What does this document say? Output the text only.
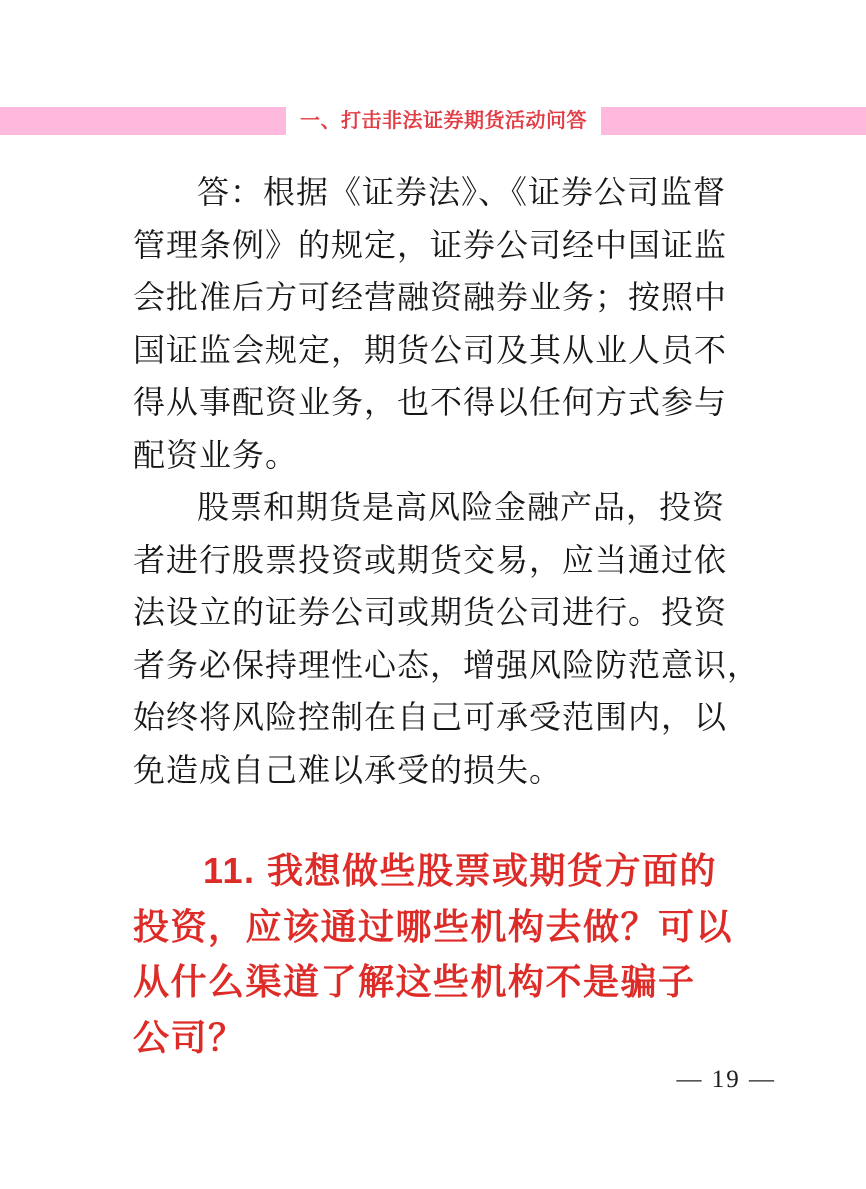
一、打击非法证券期货活动问答

答：根据《证券法》、《证券公司监督

管理条例》的规定，证券公司经中国证监

会批准后方可经营融资融券业务；按照中

国证监会规定，期货公司及其从业人员不

得从事配资业务，也不得以任何方式参与

配资业务。

股票和期货是高风险金融产品，投资

者进行股票投资或期货交易，应当通过依

法设立的证券公司或期货公司进行。投资

者务必保持理性心态，增强风险防范意识，

始终将风险控制在自己可承受范围内，以

免造成自己难以承受的损失。

11. 我想做些股票或期货方面的

投资，应该通过哪些机构去做？可以

从什么渠道了解这些机构不是骗子

公司？

— 19 —
